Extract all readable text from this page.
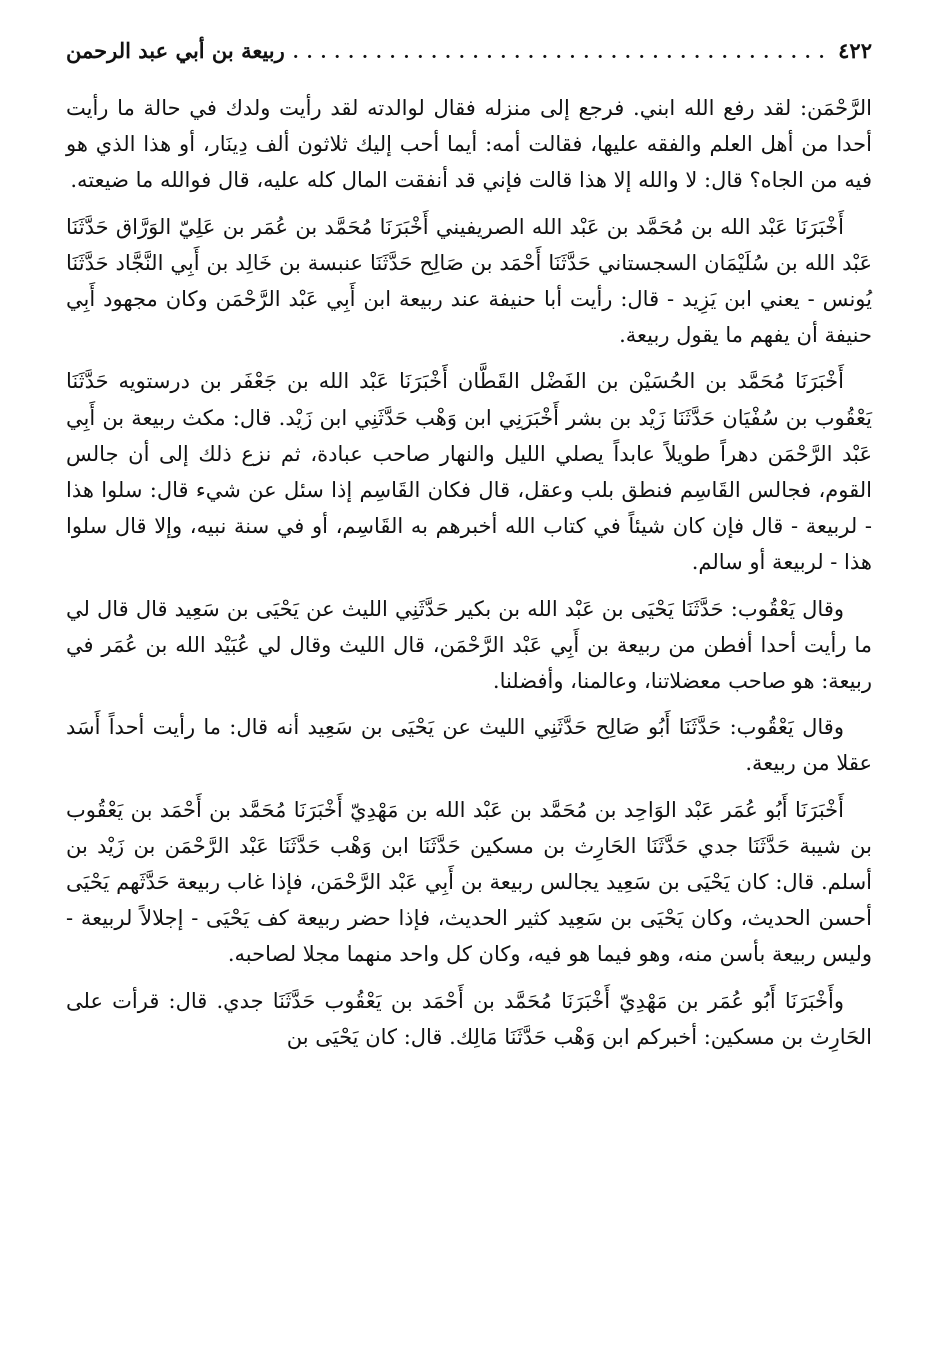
٤٢٢
. . .
ربيعة بن أبي عبد الرحمن

الرَّحْمَن: لقد رفع الله ابني. فرجع إلى منزله فقال لوالدته لقد رأيت ولدك في حالة ما رأيت أحدا من أهل العلم والفقه عليها، فقالت أمه: أيما أحب إليك ثلاثون ألف دِينَار، أو هذا الذي هو فيه من الجاه؟ قال: لا والله إلا هذا قالت فإني قد أنفقت المال كله عليه، قال فوالله ما ضيعته.

أَخْبَرَنَا عَبْد الله بن مُحَمَّد بن عَبْد الله الصريفيني أَخْبَرَنَا مُحَمَّد بن عُمَر بن عَلِيّ الوَرَّاق حَدَّثَنَا عَبْد الله بن سُلَيْمَان السجستاني حَدَّثَنَا أَحْمَد بن صَالِح حَدَّثَنَا عنبسة بن خَالِد بن أَبِي النَّجَّاد حَدَّثَنَا يُونس - يعني ابن يَزِيد - قال: رأيت أبا حنيفة عند ربيعة ابن أَبِي عَبْد الرَّحْمَن وكان مجهود أَبِي حنيفة أن يفهم ما يقول ربيعة.

أَخْبَرَنَا مُحَمَّد بن الحُسَيْن بن الفَضْل القَطَّان أَخْبَرَنَا عَبْد الله بن جَعْفَر بن درستويه حَدَّثَنَا يَعْقُوب بن سُفْيَان حَدَّثَنَا زَيْد بن بشر أَخْبَرَنِي ابن وَهْب حَدَّثَنِي ابن زَيْد. قال: مكث ربيعة بن أَبِي عَبْد الرَّحْمَن دهراً طويلاً عابداً يصلي الليل والنهار صاحب عبادة، ثم نزع ذلك إلى أن جالس القوم، فجالس القَاسِم فنطق بلب وعقل، قال فكان القَاسِم إذا سئل عن شيء قال: سلوا هذا - لربيعة - قال فإن كان شيئاً في كتاب الله أخبرهم به القَاسِم، أو في سنة نبيه، وإلا قال سلوا هذا - لربيعة أو سالم.

وقال يَعْقُوب: حَدَّثَنَا يَحْيَى بن عَبْد الله بن بكير حَدَّثَنِي الليث عن يَحْيَى بن سَعِيد قال قال لي ما رأيت أحدا أفطن من ربيعة بن أَبِي عَبْد الرَّحْمَن، قال الليث وقال لي عُبَيْد الله بن عُمَر في ربيعة: هو صاحب معضلاتنا، وعالمنا، وأفضلنا.

وقال يَعْقُوب: حَدَّثَنَا أَبُو صَالِح حَدَّثَنِي الليث عن يَحْيَى بن سَعِيد أنه قال: ما رأيت أحداً أَسَد عقلا من ربيعة.

أَخْبَرَنَا أَبُو عُمَر عَبْد الوَاحِد بن مُحَمَّد بن عَبْد الله بن مَهْدِيّ أَخْبَرَنَا مُحَمَّد بن أَحْمَد بن يَعْقُوب بن شيبة حَدَّثَنَا جدي حَدَّثَنَا الحَارِث بن مسكين حَدَّثَنَا ابن وَهْب حَدَّثَنَا عَبْد الرَّحْمَن بن زَيْد بن أسلم. قال: كان يَحْيَى بن سَعِيد يجالس ربيعة بن أَبِي عَبْد الرَّحْمَن، فإذا غاب ربيعة حَدَّثَهم يَحْيَى أحسن الحديث، وكان يَحْيَى بن سَعِيد كثير الحديث، فإذا حضر ربيعة كف يَحْيَى - إجلالاً لربيعة - وليس ربيعة بأسن منه، وهو فيما هو فيه، وكان كل واحد منهما مجلا لصاحبه.

وأَخْبَرَنَا أَبُو عُمَر بن مَهْدِيّ أَخْبَرَنَا مُحَمَّد بن أَحْمَد بن يَعْقُوب حَدَّثَنَا جدي. قال: قرأت على الحَارِث بن مسكين: أخبركم ابن وَهْب حَدَّثَنَا مَالِك. قال: كان يَحْيَى بن
